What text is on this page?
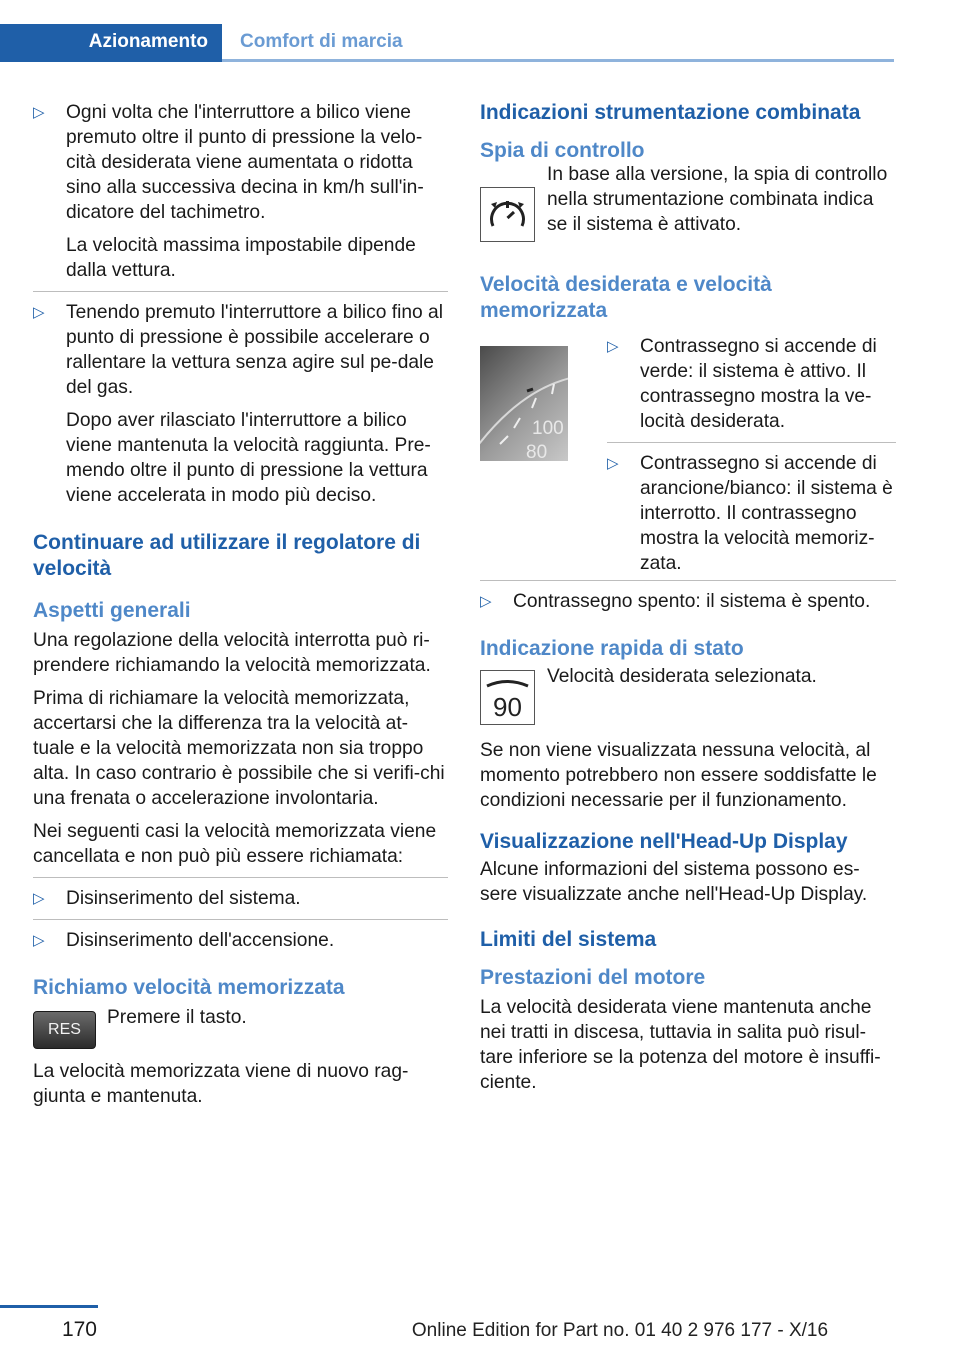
Azionamento Comfort di marcia
▷ Ogni volta che l'interruttore a bilico viene premuto oltre il punto di pressione la velo-cità desiderata viene aumentata o ridotta sino alla successiva decina in km/h sull'in-dicatore del tachimetro.
La velocità massima impostabile dipende dalla vettura.
▷ Tenendo premuto l'interruttore a bilico fino al punto di pressione è possibile accelerare o rallentare la vettura senza agire sul pe-dale del gas.
Dopo aver rilasciato l'interruttore a bilico viene mantenuta la velocità raggiunta. Pre-mendo oltre il punto di pressione la vettura viene accelerata in modo più deciso.
Continuare ad utilizzare il regolatore di velocità
Aspetti generali

Una regolazione della velocità interrotta può ri-prendere richiamando la velocità memorizzata.

Prima di richiamare la velocità memorizzata, accertarsi che la differenza tra la velocità at-tuale e la velocità memorizzata non sia troppo alta. In caso contrario è possibile che si verifi-chi una frenata o accelerazione involontaria.

Nei seguenti casi la velocità memorizzata viene cancellata e non può più essere richiamata:

▷ Disinserimento del sistema.
▷ Disinserimento dell'accensione.
Richiamo velocità memorizzata
RES
Premere il tasto.

La velocità memorizzata viene di nuovo rag-giunta e mantenuta.

Indicazioni strumentazione combinata
Spia di controllo
In base alla versione, la spia di controllo nella strumentazione combinata indica se il sistema è attivato.
Velocità desiderata e velocità memorizzata
100
80
▷ Contrassegno si accende di verde: il sistema è attivo. Il contrassegno mostra la ve-locità desiderata.
▷ Contrassegno si accende di arancione/bianco: il sistema è interrotto. Il contrassegno mostra la velocità memoriz-zata.
▷ Contrassegno spento: il sistema è spento.
Indicazione rapida di stato
90
Velocità desiderata selezionata.

Se non viene visualizzata nessuna velocità, al momento potrebbero non essere soddisfatte le condizioni necessarie per il funzionamento.

Visualizzazione nell'Head-Up Display

Alcune informazioni del sistema possono es-sere visualizzate anche nell'Head-Up Display.

Limiti del sistema
Prestazioni del motore

La velocità desiderata viene mantenuta anche nei tratti in discesa, tuttavia in salita può risul-tare inferiore se la potenza del motore è insuffi-ciente.

170	Online Edition for Part no. 01 40 2 976 177 - X/16
